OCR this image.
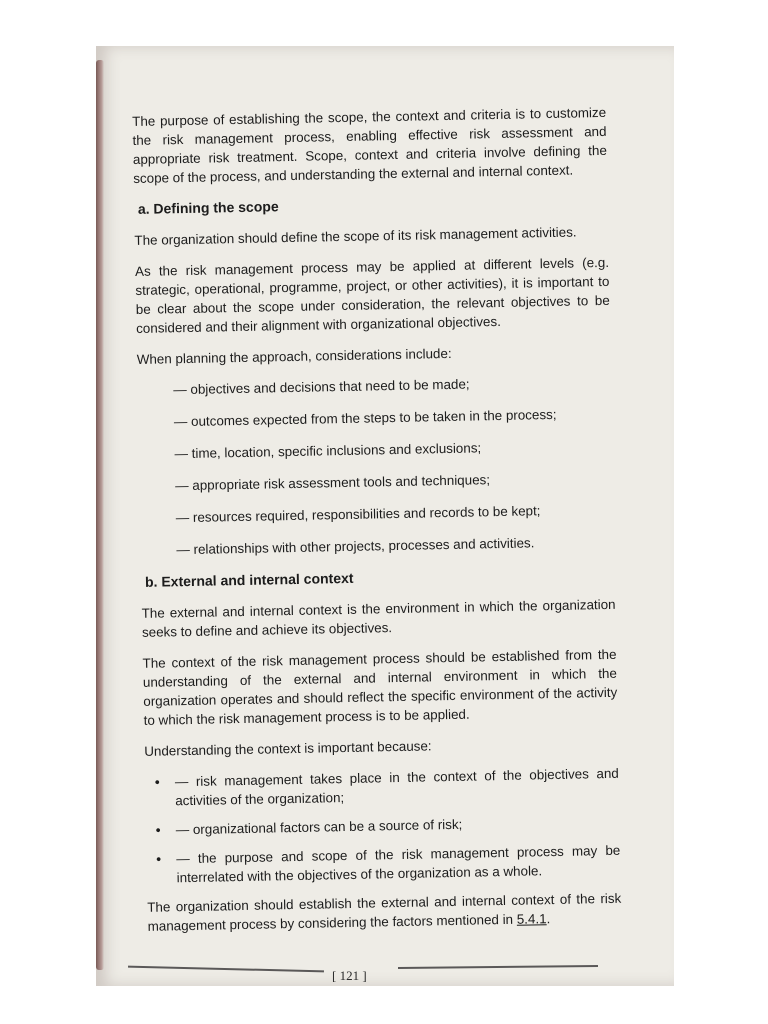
The purpose of establishing the scope, the context and criteria is to customize the risk management process, enabling effective risk assessment and appropriate risk treatment. Scope, context and criteria involve defining the scope of the process, and understanding the external and internal context.

a. Defining the scope

The organization should define the scope of its risk management activities.

As the risk management process may be applied at different levels (e.g. strategic, operational, programme, project, or other activities), it is important to be clear about the scope under consideration, the relevant objectives to be considered and their alignment with organizational objectives.

When planning the approach, considerations include:

— objectives and decisions that need to be made;
— outcomes expected from the steps to be taken in the process;
— time, location, specific inclusions and exclusions;
— appropriate risk assessment tools and techniques;
— resources required, responsibilities and records to be kept;
— relationships with other projects, processes and activities.
b. External and internal context

The external and internal context is the environment in which the organization seeks to define and achieve its objectives.

The context of the risk management process should be established from the understanding of the external and internal environment in which the organization operates and should reflect the specific environment of the activity to which the risk management process is to be applied.

Understanding the context is important because:

• — risk management takes place in the context of the objectives and activities of the organization;
• — organizational factors can be a source of risk;
• — the purpose and scope of the risk management process may be interrelated with the objectives of the organization as a whole.

The organization should establish the external and internal context of the risk management process by considering the factors mentioned in 5.4.1.

[ 121 ]
